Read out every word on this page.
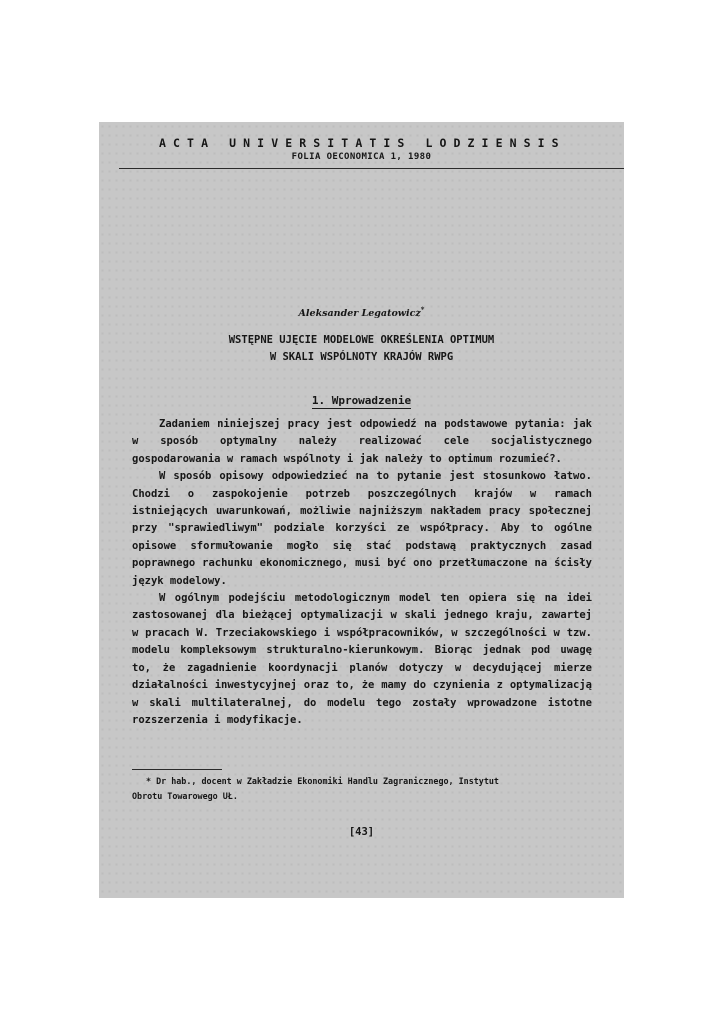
ACTA UNIVERSITATIS LODZIENSIS
FOLIA OECONOMICA 1, 1980
Aleksander Legatowicz*
WSTĘPNE UJĘCIE MODELOWE OKREŚLENIA OPTIMUM
W SKALI WSPÓLNOTY KRAJÓW RWPG
1. Wprowadzenie

Zadaniem niniejszej pracy jest odpowiedź na podstawowe pytania: jak w sposób optymalny należy realizować cele socjalistycznego gospodarowania w ramach wspólnoty i jak należy to optimum rozumieć?.

W sposób opisowy odpowiedzieć na to pytanie jest stosunkowo łatwo. Chodzi o zaspokojenie potrzeb poszczególnych krajów w ramach istniejących uwarunkowań, możliwie najniższym nakładem pracy społecznej przy "sprawiedliwym" podziale korzyści ze współpracy. Aby to ogólne opisowe sformułowanie mogło się stać podstawą praktycznych zasad poprawnego rachunku ekonomicznego, musi być ono przetłumaczone na ścisły język modelowy.

W ogólnym podejściu metodologicznym model ten opiera się na idei zastosowanej dla bieżącej optymalizacji w skali jednego kraju, zawartej w pracach W. Trzeciakowskiego i współpracowników, w szczególności w tzw. modelu kompleksowym strukturalno-kierunkowym. Biorąc jednak pod uwagę to, że zagadnienie koordynacji planów dotyczy w decydującej mierze działalności inwestycyjnej oraz to, że mamy do czynienia z optymalizacją w skali multilateralnej, do modelu tego zostały wprowadzone istotne rozszerzenia i modyfikacje.

* Dr hab., docent w Zakładzie Ekonomiki Handlu Zagranicznego, Instytut
Obrotu Towarowego UŁ.
[43]
